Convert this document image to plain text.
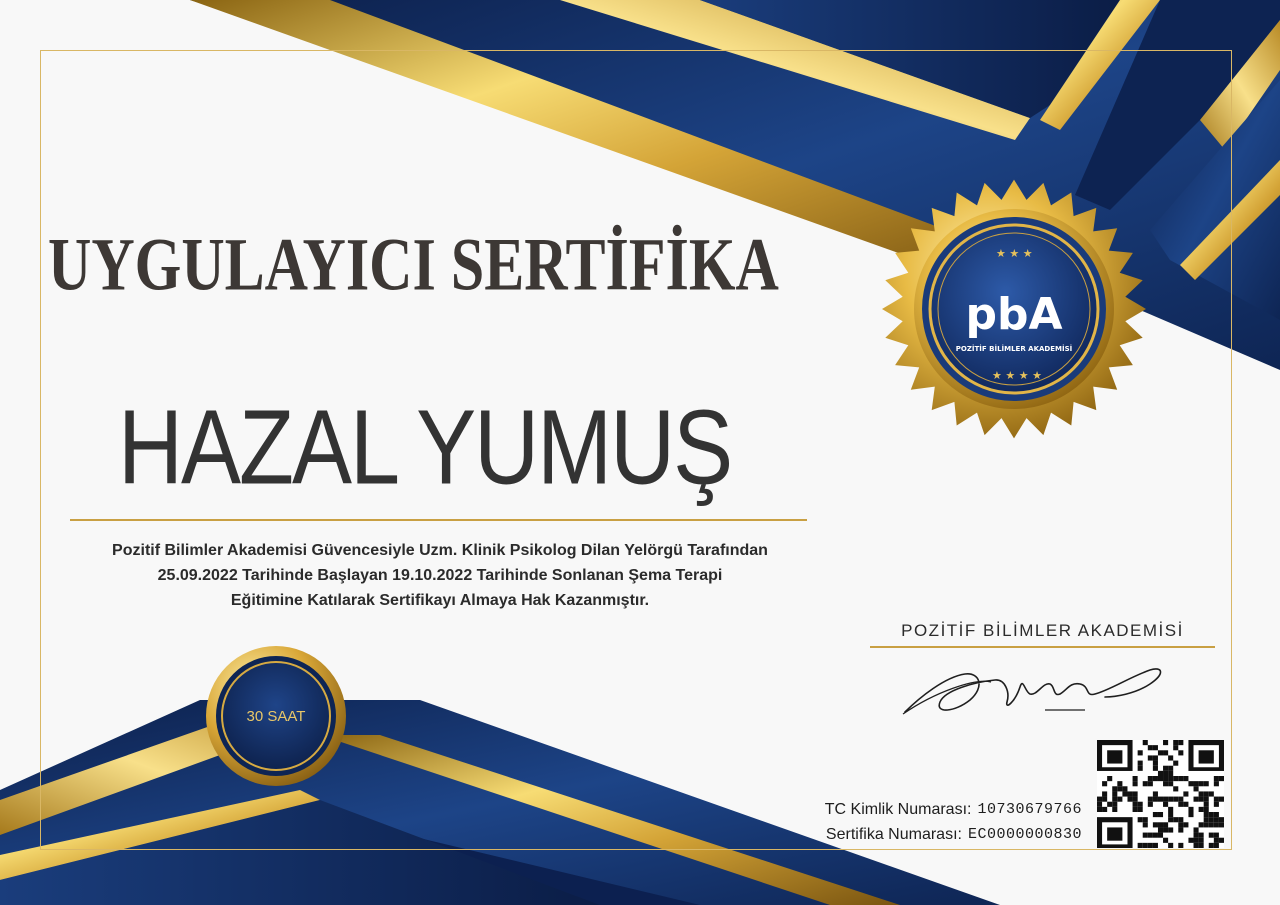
★ ★ ★
★ ★ ★ ★
pbA
POZİTİF BİLİMLER AKADEMİSİ
30 SAAT
UYGULAYICI SERTİFİKA
HAZAL YUMUŞ
Pozitif Bilimler Akademisi Güvencesiyle Uzm. Klinik Psikolog Dilan Yelörgü Tarafından
25.09.2022 Tarihinde Başlayan 19.10.2022 Tarihinde Sonlanan Şema Terapi
Eğitimine Katılarak Sertifikayı Almaya Hak Kazanmıştır.
POZİTİF BİLİMLER AKADEMİSİ
TC Kimlik Numarası: 10730679766
Sertifika Numarası: EC0000000830
